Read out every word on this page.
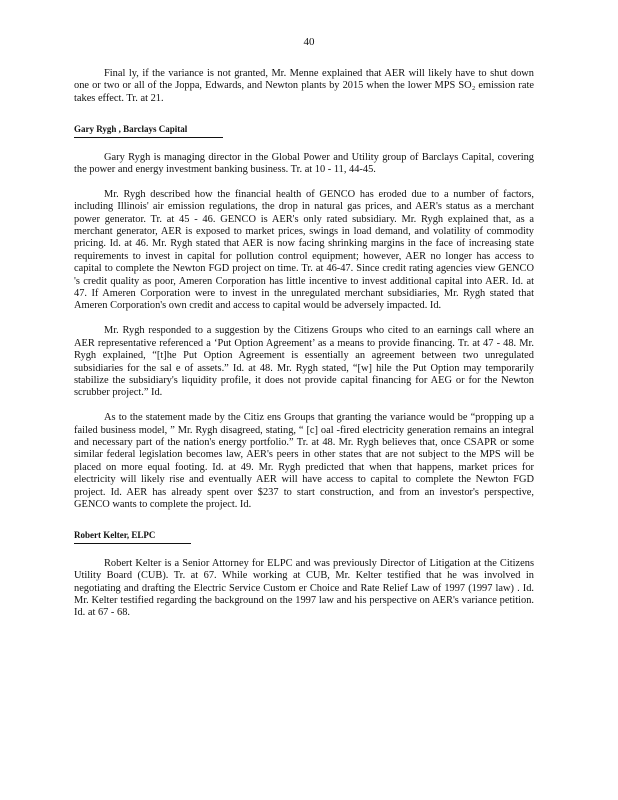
40

Final ly, if the variance is not granted, Mr. Menne explained that AER will likely have to shut down one or two or all of the Joppa, Edwards, and Newton plants by 2015 when the lower MPS SO₂ emission rate takes effect. Tr. at 21.

Gary Rygh , Barclays Capital

Gary Rygh is managing director in the Global Power and Utility group of Barclays Capital, covering the power and energy investment banking business. Tr. at 10 - 11, 44-45.

Mr. Rygh described how the financial health of GENCO has eroded due to a number of factors, including Illinois' air emission regulations, the drop in natural gas prices, and AER's status as a merchant power generator. Tr. at 45 - 46. GENCO is AER's only rated subsidiary. Mr. Rygh explained that, as a merchant generator, AER is exposed to market prices, swings in load demand, and volatility of commodity pricing. Id. at 46. Mr. Rygh stated that AER is now facing shrinking margins in the face of increasing state requirements to invest in capital for pollution control equipment; however, AER no longer has access to capital to complete the Newton FGD project on time. Tr. at 46-47. Since credit rating agencies view GENCO 's credit quality as poor, Ameren Corporation has little incentive to invest additional capital into AER. Id. at 47. If Ameren Corporation were to invest in the unregulated merchant subsidiaries, Mr. Rygh stated that Ameren Corporation's own credit and access to capital would be adversely impacted. Id.

Mr. Rygh responded to a suggestion by the Citizens Groups who cited to an earnings call where an AER representative referenced a ‘Put Option Agreement’ as a means to provide financing. Tr. at 47 - 48. Mr. Rygh explained, “[t]he Put Option Agreement is essentially an agreement between two unregulated subsidiaries for the sal e of assets.” Id. at 48. Mr. Rygh stated, “[w] hile the Put Option may temporarily stabilize the subsidiary's liquidity profile, it does not provide capital financing for AEG or for the Newton scrubber project.” Id.

As to the statement made by the Citiz ens Groups that granting the variance would be “propping up a failed business model, ” Mr. Rygh disagreed, stating, “ [c] oal -fired electricity generation remains an integral and necessary part of the nation's energy portfolio.” Tr. at 48. Mr. Rygh believes that, once CSAPR or some similar federal legislation becomes law, AER's peers in other states that are not subject to the MPS will be placed on more equal footing. Id. at 49. Mr. Rygh predicted that when that happens, market prices for electricity will likely rise and eventually AER will have access to capital to complete the Newton FGD project. Id. AER has already spent over $237 to start construction, and from an investor's perspective, GENCO wants to complete the project. Id.

Robert Kelter, ELPC

Robert Kelter is a Senior Attorney for ELPC and was previously Director of Litigation at the Citizens Utility Board (CUB). Tr. at 67. While working at CUB, Mr. Kelter testified that he was involved in negotiating and drafting the Electric Service Custom er Choice and Rate Relief Law of 1997 (1997 law) . Id. Mr. Kelter testified regarding the background on the 1997 law and his perspective on AER's variance petition. Id. at 67 - 68.
